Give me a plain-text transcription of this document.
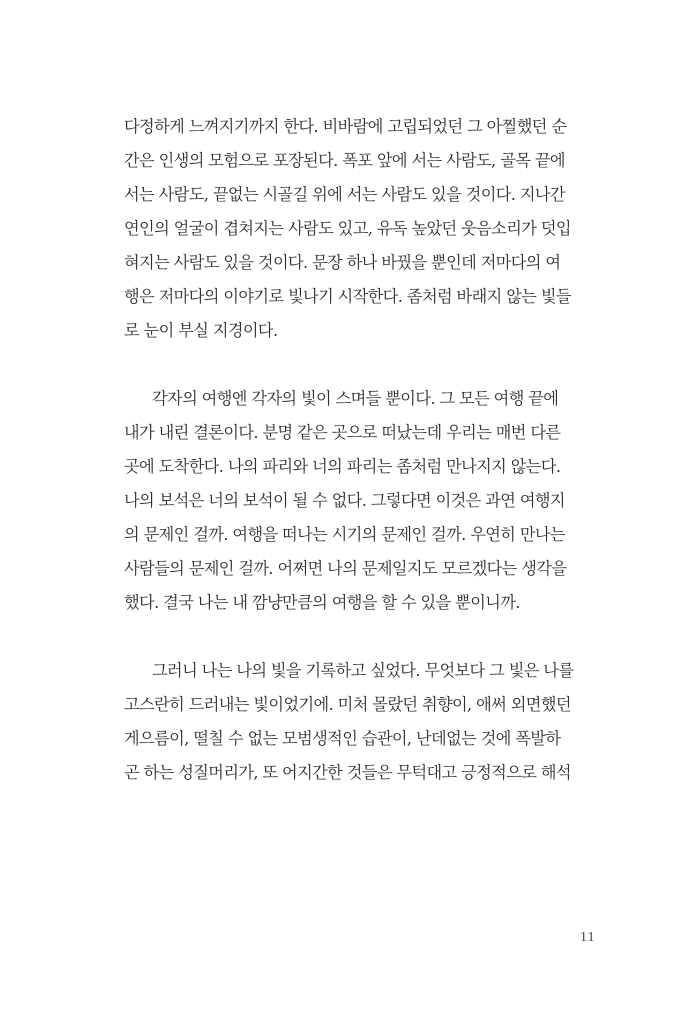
다정하게 느껴지기까지 한다. 비바람에 고립되었던 그 아찔했던 순
간은 인생의 모험으로 포장된다. 폭포 앞에 서는 사람도, 골목 끝에
서는 사람도, 끝없는 시골길 위에 서는 사람도 있을 것이다. 지나간
연인의 얼굴이 겹쳐지는 사람도 있고, 유독 높았던 웃음소리가 덧입
혀지는 사람도 있을 것이다. 문장 하나 바꿨을 뿐인데 저마다의 여
행은 저마다의 이야기로 빛나기 시작한다. 좀처럼 바래지 않는 빛들
로 눈이 부실 지경이다.
각자의 여행엔 각자의 빛이 스며들 뿐이다. 그 모든 여행 끝에
내가 내린 결론이다. 분명 같은 곳으로 떠났는데 우리는 매번 다른
곳에 도착한다. 나의 파리와 너의 파리는 좀처럼 만나지지 않는다.
나의 보석은 너의 보석이 될 수 없다. 그렇다면 이것은 과연 여행지
의 문제인 걸까. 여행을 떠나는 시기의 문제인 걸까. 우연히 만나는
사람들의 문제인 걸까. 어쩌면 나의 문제일지도 모르겠다는 생각을
했다. 결국 나는 내 깜냥만큼의 여행을 할 수 있을 뿐이니까.
그러니 나는 나의 빛을 기록하고 싶었다. 무엇보다 그 빛은 나를
고스란히 드러내는 빛이었기에. 미처 몰랐던 취향이, 애써 외면했던
게으름이, 떨칠 수 없는 모범생적인 습관이, 난데없는 것에 폭발하
곤 하는 성질머리가, 또 어지간한 것들은 무턱대고 긍정적으로 해석
11
